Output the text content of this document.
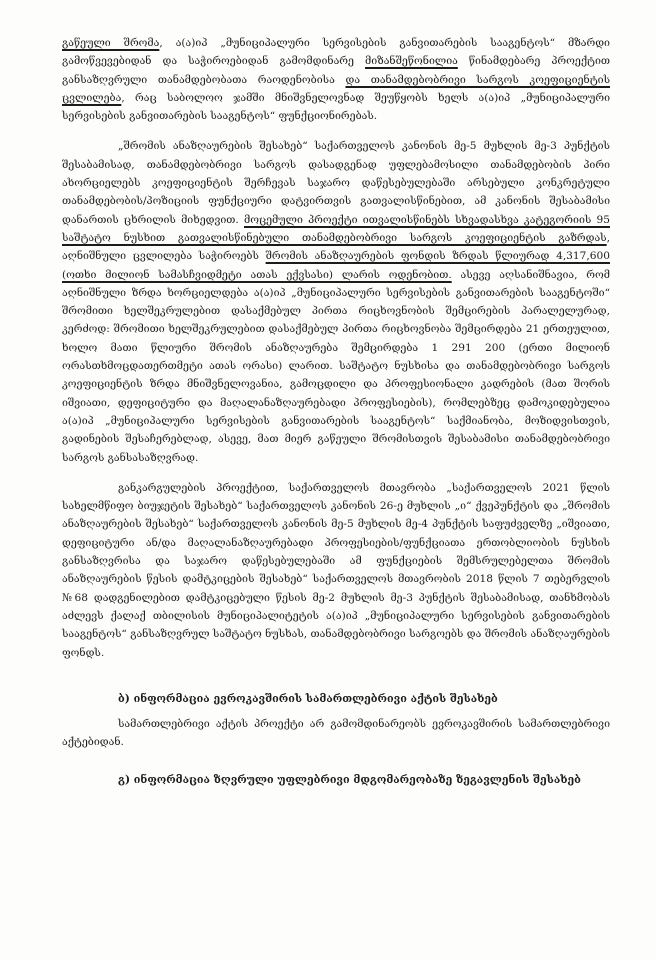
გაწეული შრომა, ა(ა)იპ „მუნიციპალური სერვისების განვითარების სააგენტოს“ მზარდი გამოწვევებიდან და საჭიროებიდან გამომდინარე მიზანშეწონილია წინამდებარე პროექტით განსაზღვრული თანამდებობათა რაოდენობისა და თანამდებობრივი სარგოს კოეფიციენტის ცვლილება, რაც საბოლოო ჯამში მნიშვნელოვნად შეუწყობს ხელს ა(ა)იპ „მუნიციპალური სერვისების განვითარების სააგენტოს“ ფუნქციონირებას.

„შრომის ანაზღაურების შესახებ“ საქართველოს კანონის მე-5 მუხლის მე-3 პუნქტის შესაბამისად, თანამდებობრივი სარგოს დასადგენად უფლებამოსილი თანამდებობის პირი ახორციელებს კოეფიციენტის შერჩევას საჯარო დაწესებულებაში არსებული კონკრეტული თანამდებობის/პოზიციის ფუნქციური დატვირთვის გათვალისწინებით, ამ კანონის შესაბამისი დანართის ცხრილის მიხედვით. მოცემული პროექტი ითვალისწინებს სხვადასხვა კატეგორიის 95 საშტატო ნუსხით გათვალისწინებული თანამდებობრივი სარგოს კოეფიციენტის გაზრდას, აღნიშნული ცვლილება საჭიროებს შრომის ანაზღაურების ფონდის ზრდას წლიურად 4,317,600 (ოთხი მილიონ სამასჩვიდმეტი ათას ექვსასი) ლარის ოდენობით. ასევე აღსანიშნავია, რომ აღნიშნული ზრდა ხორციელდება ა(ა)იპ „მუნიციპალური სერვისების განვითარების სააგენტოში“ შრომითი ხელშეკრულებით დასაქმებულ პირთა რიცხოვნობის შემცირების პარალელურად, კერძოდ: შრომითი ხელშეკრულებით დასაქმებულ პირთა რიცხოვნობა შემცირდება 21 ერთეულით, ხოლო მათი წლიური შრომის ანაზღაურება შემცირდება 1 291 200 (ერთი მილიონ ორასთხმოცდათერთმეტი ათას ორასი) ლარით. საშტატო ნუსხისა და თანამდებობრივი სარგოს კოეფიციენტის ზრდა მნიშვნელოვანია, გამოცდილი და პროფესიონალი კადრების (მათ შორის იშვიათი, დეფიციტური და მაღალანაზღაურებადი პროფესიების), რომლებზეც დამოკიდებულია ა(ა)იპ „მუნიციპალური სერვისების განვითარების სააგენტოს“ საქმიანობა, მოზიდვისთვის, გადინების შესაჩერებლად, ასევე, მათ მიერ გაწეული შრომისთვის შესაბამისი თანამდებობრივი სარგოს განსასაზღვრად.

განკარგულების პროექტით, საქართველოს მთავრობა „საქართველოს 2021 წლის სახელმწიფო ბიუჯეტის შესახებ“ საქართველოს კანონის 26-ე მუხლის „ი“ ქვეპუნქტის და „შრომის ანაზღაურების შესახებ“ საქართველოს კანონის მე-5 მუხლის მე-4 პუნქტის საფუძველზე „იშვიათი, დეფიციტური ან/და მაღალანაზღაურებადი პროფესიების/ფუნქციათა ერთობლიობის ნუსხის განსაზღვრისა და საჯარო დაწესებულებაში ამ ფუნქციების შემსრულებელთა შრომის ანაზღაურების წესის დამტკიცების შესახებ“ საქართველოს მთავრობის 2018 წლის 7 თებერვლის №68 დადგენილებით დამტკიცებული წესის მე-2 მუხლის მე-3 პუნქტის შესაბამისად, თანხმობას აძლევს ქალაქ თბილისის მუნიციპალიტეტის ა(ა)იპ „მუნიციპალური სერვისების განვითარების სააგენტოს“ განსაზღვრულ საშტატო ნუსხას, თანამდებობრივი სარგოებს და შრომის ანაზღაურების ფონდს.

ბ) ინფორმაცია ევროკავშირის სამართლებრივი აქტის შესახებ

სამართლებრივი აქტის პროექტი არ გამომდინარეობს ევროკავშირის სამართლებრივი აქტებიდან.

გ) ინფორმაცია ზღვრული უფლებრივი მდგომარეობაზე ზეგავლენის შესახებ
